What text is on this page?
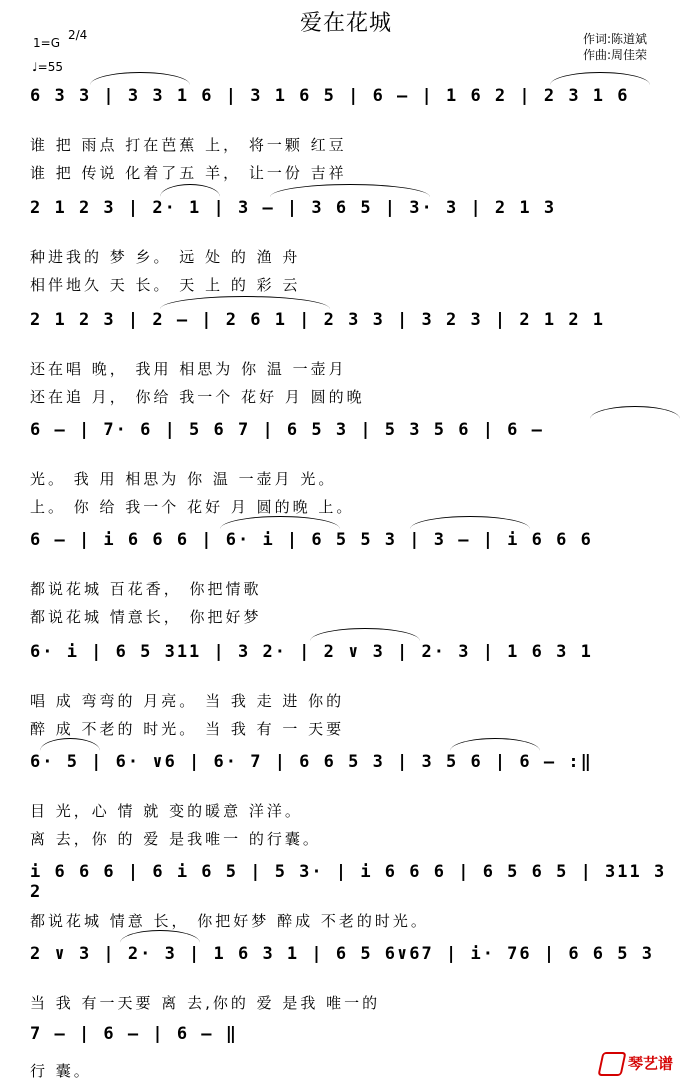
爱在花城
1=G
2/4
♩=55
作词:陈道斌
作曲:周佳荣
6 3 3 | 3 3 1 6 | 3 1 6 5 | 6 – | 1 6 2 | 2 3 1 6
谁 把 雨点 打在芭蕉 上， 将一颗 红豆
谁 把 传说 化着了五 羊， 让一份 吉祥
2 1 2 3 | 2· 1 | 3 – | 3 6 5 | 3· 3 | 2 1 3
种进我的 梦 乡。 远 处 的 渔 舟
相伴地久 天 长。 天 上 的 彩 云
2 1 2 3 | 2 – | 2 6 1 | 2 3 3 | 3 2 3 | 2 1 2 1
还在唱 晚， 我用 相思为 你 温 一壶月
还在追 月， 你给 我一个 花好 月 圆的晚
6 – | 7· 6 | 5 6 7 | 6 5 3 | 5 3 5 6 | 6 –
光。 我 用 相思为 你 温 一壶月 光。
上。 你 给 我一个 花好 月 圆的晚 上。
6 – | i 6 6 6 | 6· i | 6 5 5 3 | 3 – | i 6 6 6
都说花城 百花香， 你把情歌
都说花城 情意长， 你把好梦
6· i | 6 5 311 | 3 2· | 2 ∨ 3 | 2· 3 | 1 6 3 1
唱 成 弯弯的 月亮。 当 我 走 进 你的
醉 成 不老的 时光。 当 我 有 一 天要
6· 5 | 6· ∨6 | 6· 7 | 6 6 5 3 | 3 5 6 | 6 – :‖
目 光，心 情 就 变的暖意 洋洋。
离 去，你 的 爱 是我唯一 的行囊。
i 6 6 6 | 6 i 6 5 | 5 3· | i 6 6 6 | 6 5 6 5 | 311 3 2
都说花城 情意 长， 你把好梦 醉成 不老的时光。
2 ∨ 3 | 2· 3 | 1 6 3 1 | 6 5 6∨67 | i· 76 | 6 6 5 3
当 我 有一天要 离 去,你的 爱 是我 唯一的
7 – | 6 – | 6 – ‖
行 囊。	琴艺谱
